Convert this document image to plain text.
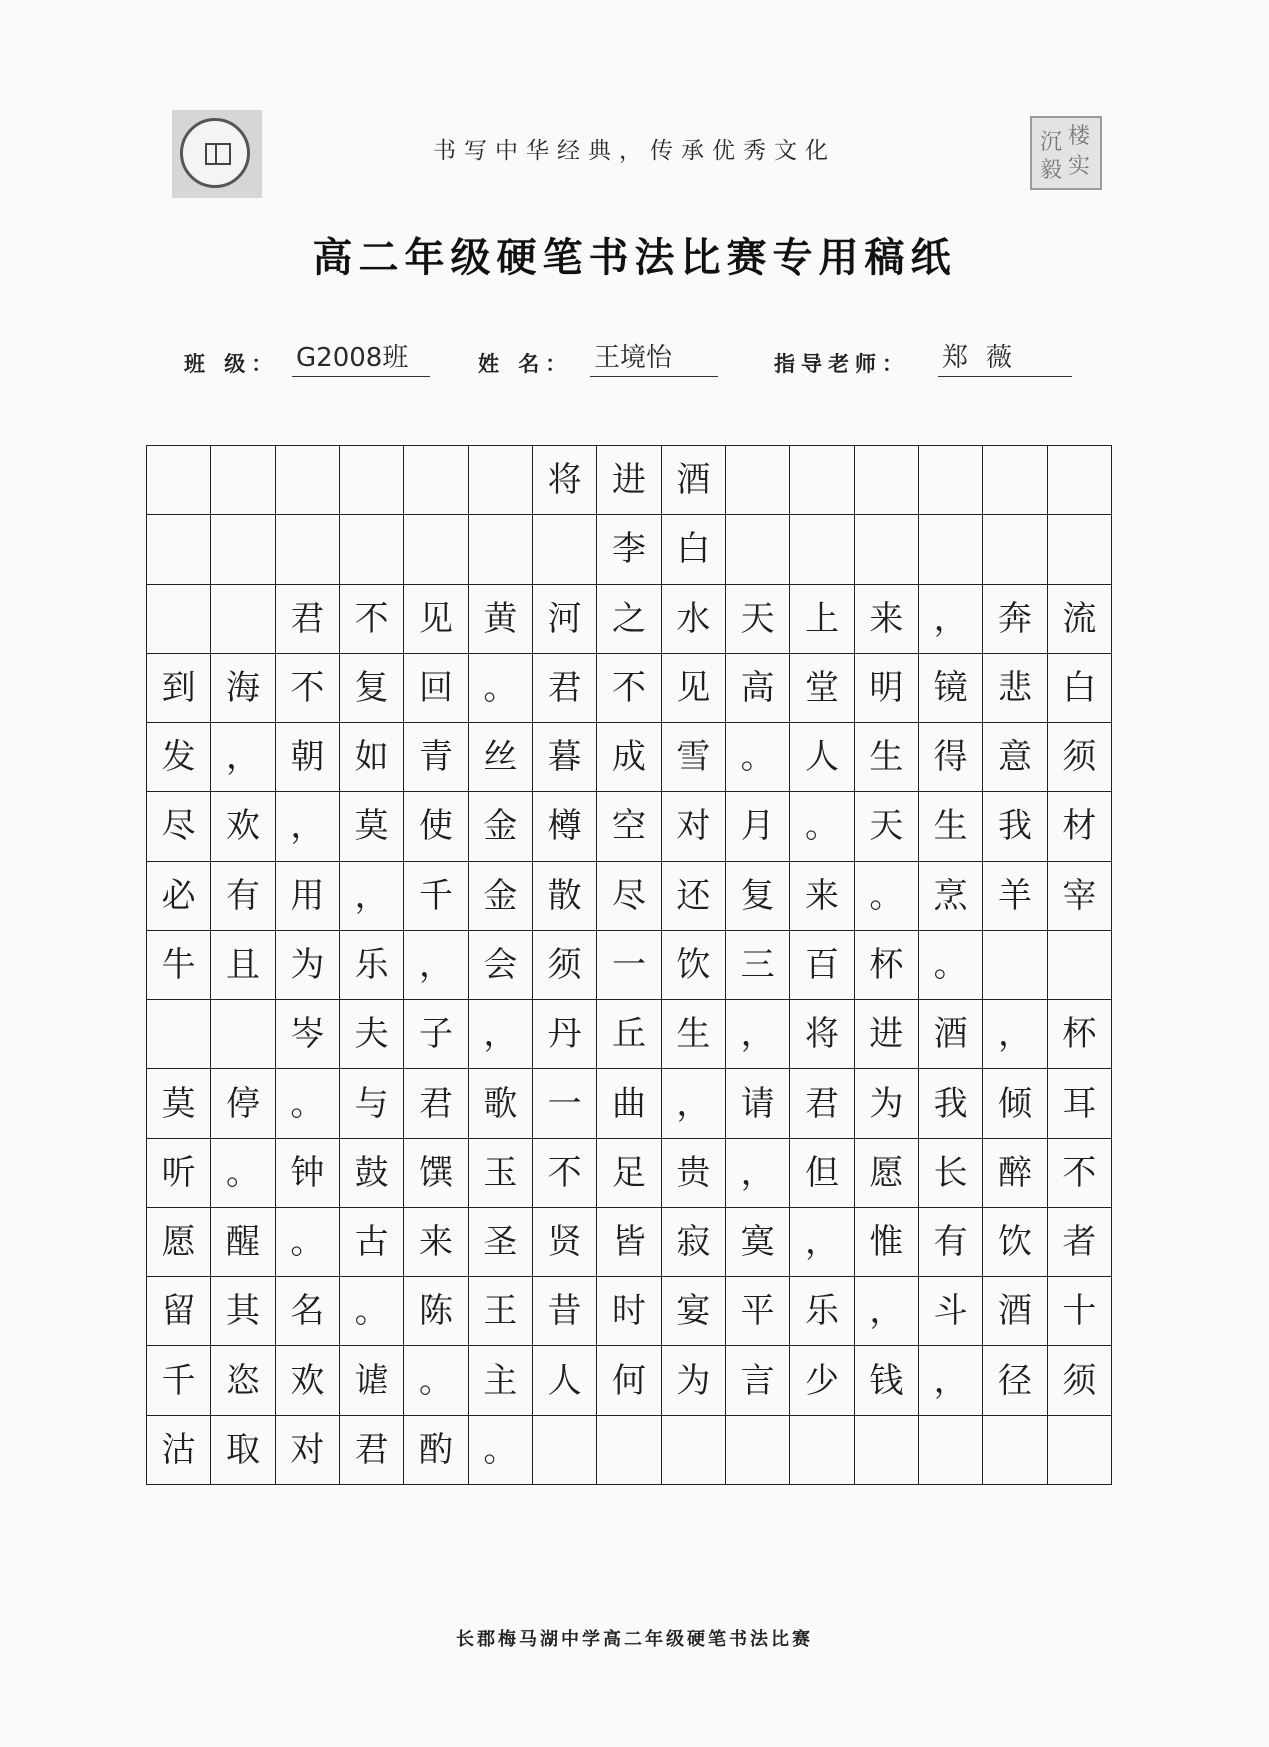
书写中华经典，传承优秀文化
楼
实
沉
毅
高二年级硬笔书法比赛专用稿纸
班 级： G2008班	姓 名： 王境怡	指导老师： 郑薇
将 进 酒
李 白
君 不 见 黄 河 之 水 天 上 来 ， 奔 流
到 海 不 复 回 。 君 不 见 高 堂 明 镜 悲 白
发 ， 朝 如 青 丝 暮 成 雪 。 人 生 得 意 须
尽 欢 ， 莫 使 金 樽 空 对 月 。 天 生 我 材
必 有 用 ， 千 金 散 尽 还 复 来 。 烹 羊 宰
牛 且 为 乐 ， 会 须 一 饮 三 百 杯 。
岑 夫 子 ， 丹 丘 生 ， 将 进 酒 ， 杯
莫 停 。 与 君 歌 一 曲 ， 请 君 为 我 倾 耳
听 。 钟 鼓 馔 玉 不 足 贵 ， 但 愿 长 醉 不
愿 醒 。 古 来 圣 贤 皆 寂 寞 ， 惟 有 饮 者
留 其 名 。 陈 王 昔 时 宴 平 乐 ， 斗 酒 十
千 恣 欢 谑 。 主 人 何 为 言 少 钱 ， 径 须
沽 取 对 君 酌 。
长郡梅马湖中学高二年级硬笔书法比赛
